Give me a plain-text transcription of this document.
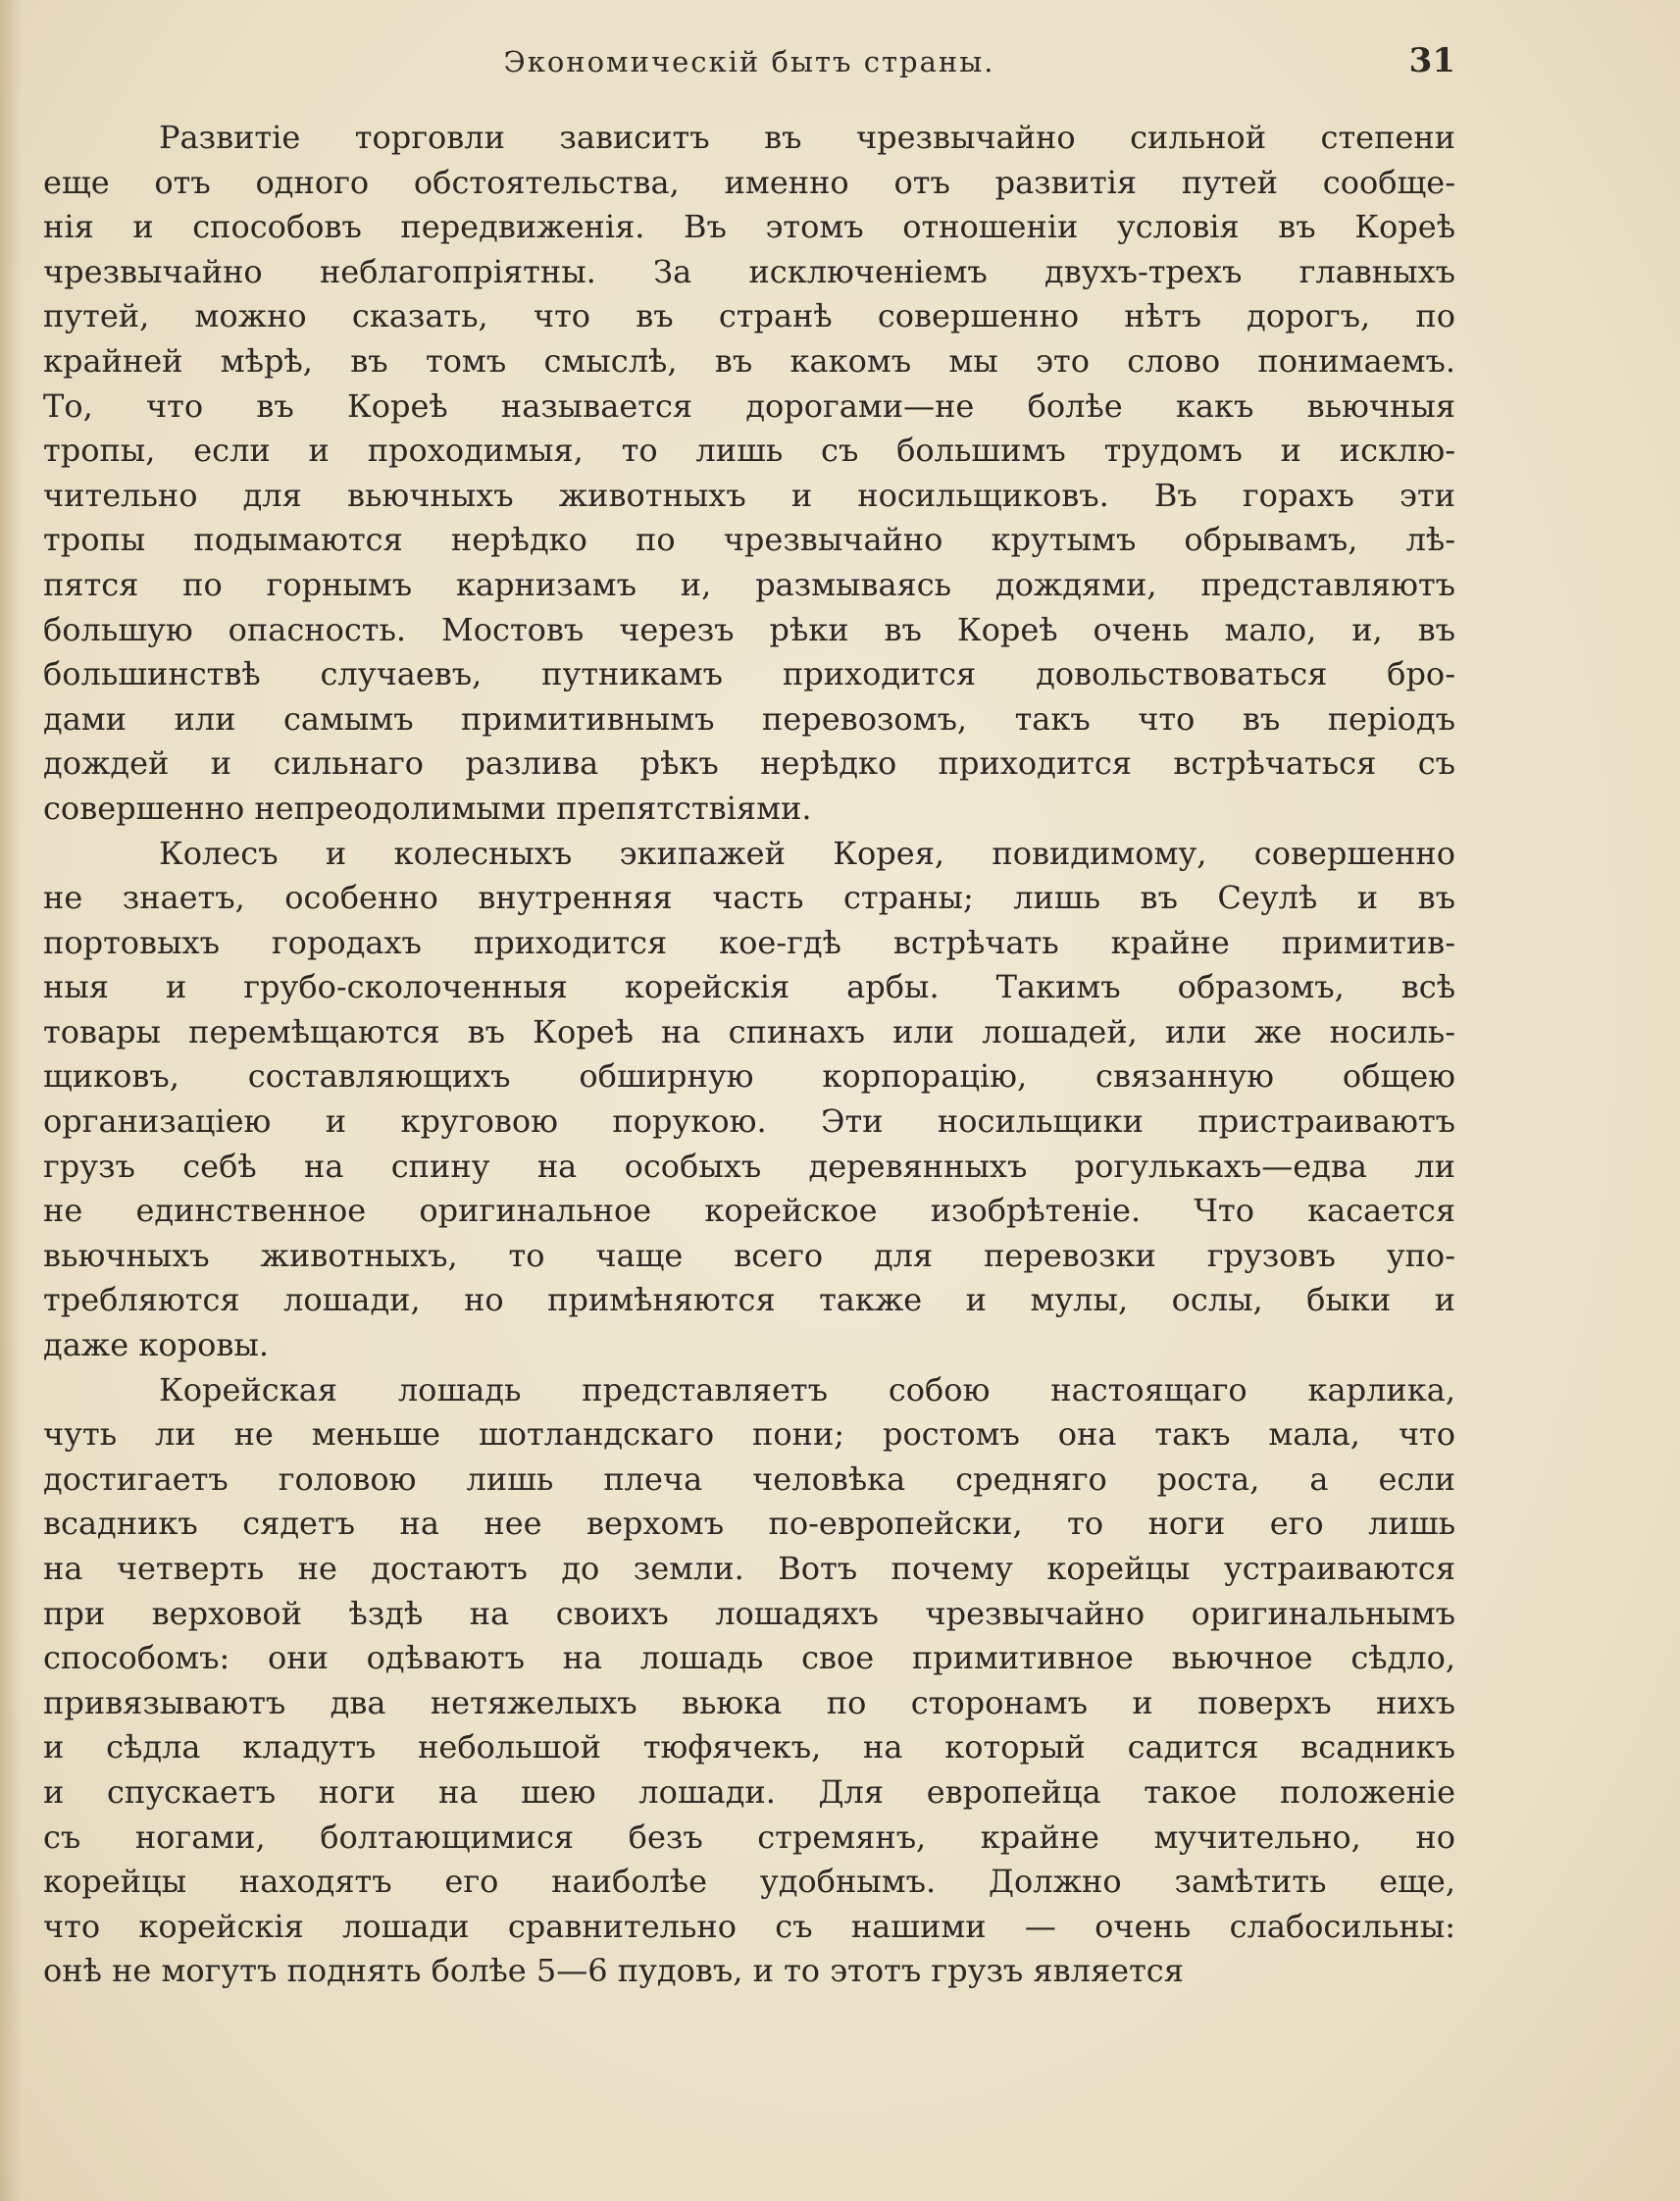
Экономическій бытъ страны.	31
Развитіе торговли зависитъ въ чрезвычайно сильной степени
еще отъ одного обстоятельства, именно отъ развитія путей сообще-
нія и способовъ передвиженія. Въ этомъ отношеніи условія въ Кореѣ
чрезвычайно неблагопріятны. За исключеніемъ двухъ-трехъ главныхъ
путей, можно сказать, что въ странѣ совершенно нѣтъ дорогъ, по
крайней мѣрѣ, въ томъ смыслѣ, въ какомъ мы это слово понимаемъ.
То, что въ Кореѣ называется дорогами—не болѣе какъ вьючныя
тропы, если и проходимыя, то лишь съ большимъ трудомъ и исклю-
чительно для вьючныхъ животныхъ и носильщиковъ. Въ горахъ эти
тропы подымаются нерѣдко по чрезвычайно крутымъ обрывамъ, лѣ-
пятся по горнымъ карнизамъ и, размываясь дождями, представляютъ
большую опасность. Мостовъ черезъ рѣки въ Кореѣ очень мало, и, въ
большинствѣ случаевъ, путникамъ приходится довольствоваться бро-
дами или самымъ примитивнымъ перевозомъ, такъ что въ періодъ
дождей и сильнаго разлива рѣкъ нерѣдко приходится встрѣчаться съ
совершенно непреодолимыми препятствіями.
Колесъ и колесныхъ экипажей Корея, повидимому, совершенно
не знаетъ, особенно внутренняя часть страны; лишь въ Сеулѣ и въ
портовыхъ городахъ приходится кое-гдѣ встрѣчать крайне примитив-
ныя и грубо-сколоченныя корейскія арбы. Такимъ образомъ, всѣ
товары перемѣщаются въ Кореѣ на спинахъ или лошадей, или же носиль-
щиковъ, составляющихъ обширную корпорацію, связанную общею
организаціею и круговою порукою. Эти носильщики пристраиваютъ
грузъ себѣ на спину на особыхъ деревянныхъ рогулькахъ—едва ли
не единственное оригинальное корейское изобрѣтеніе. Что касается
вьючныхъ животныхъ, то чаще всего для перевозки грузовъ упо-
требляются лошади, но примѣняются также и мулы, ослы, быки и
даже коровы.
Корейская лошадь представляетъ собою настоящаго карлика,
чуть ли не меньше шотландскаго пони; ростомъ она такъ мала, что
достигаетъ головою лишь плеча человѣка средняго роста, а если
всадникъ сядетъ на нее верхомъ по-европейски, то ноги его лишь
на четверть не достаютъ до земли. Вотъ почему корейцы устраиваются
при верховой ѣздѣ на своихъ лошадяхъ чрезвычайно оригинальнымъ
способомъ: они одѣваютъ на лошадь свое примитивное вьючное сѣдло,
привязываютъ два нетяжелыхъ вьюка по сторонамъ и поверхъ нихъ
и сѣдла кладутъ небольшой тюфячекъ, на который садится всадникъ
и спускаетъ ноги на шею лошади. Для европейца такое положеніе
съ ногами, болтающимися безъ стремянъ, крайне мучительно, но
корейцы находятъ его наиболѣе удобнымъ. Должно замѣтить еще,
что корейскія лошади сравнительно съ нашими — очень слабосильны:
онѣ не могутъ поднять болѣе 5—6 пудовъ, и то этотъ грузъ является
